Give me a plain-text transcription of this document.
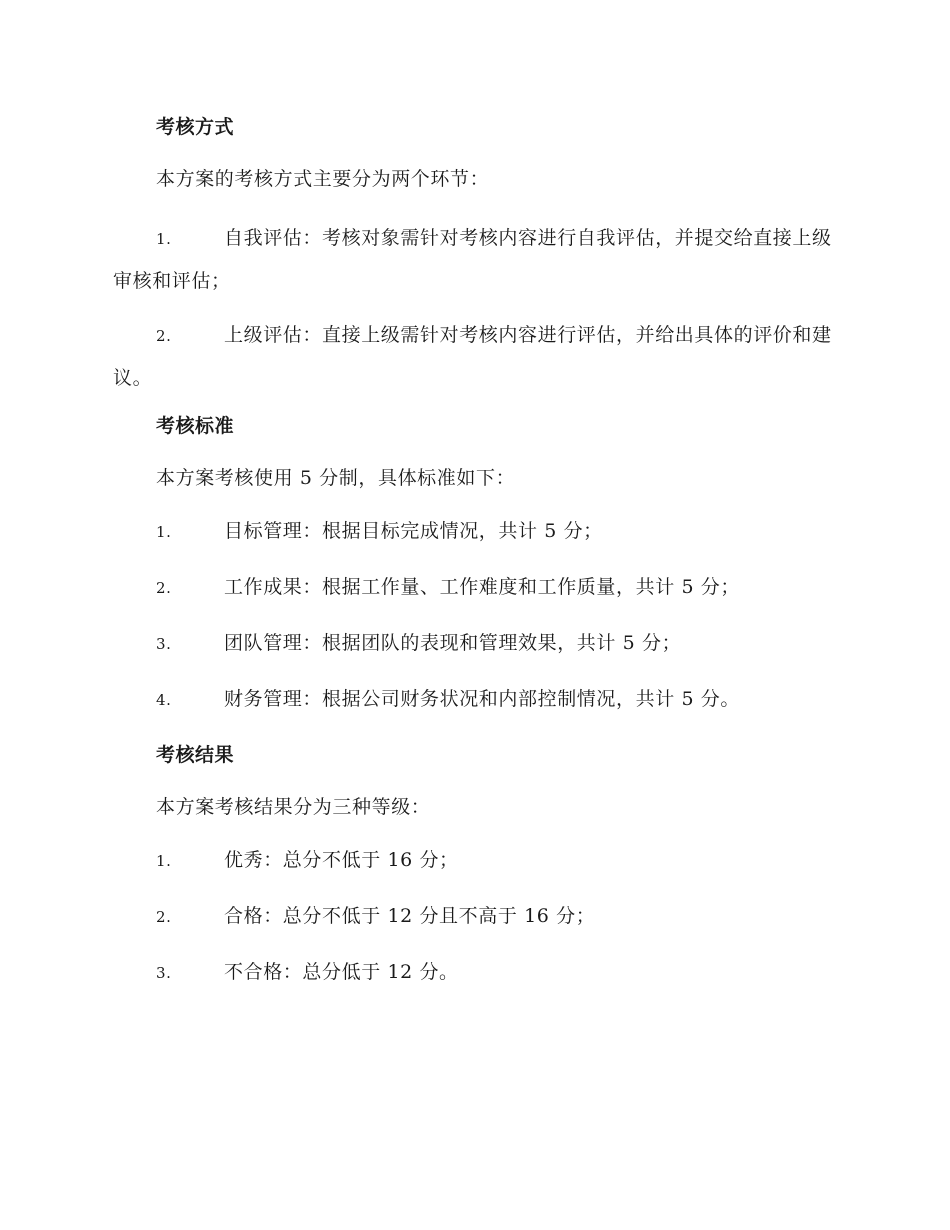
考核方式
本方案的考核方式主要分为两个环节：
1.	自我评估：考核对象需针对考核内容进行自我评估，并提交给直接上级审核和评估；
2.	上级评估：直接上级需针对考核内容进行评估，并给出具体的评价和建议。
考核标准
本方案考核使用 5 分制，具体标准如下：
1.	目标管理：根据目标完成情况，共计 5 分；
2.	工作成果：根据工作量、工作难度和工作质量，共计 5 分；
3.	团队管理：根据团队的表现和管理效果，共计 5 分；
4.	财务管理：根据公司财务状况和内部控制情况，共计 5 分。
考核结果
本方案考核结果分为三种等级：
1.	优秀：总分不低于 16 分；
2.	合格：总分不低于 12 分且不高于 16 分；
3.	不合格：总分低于 12 分。
